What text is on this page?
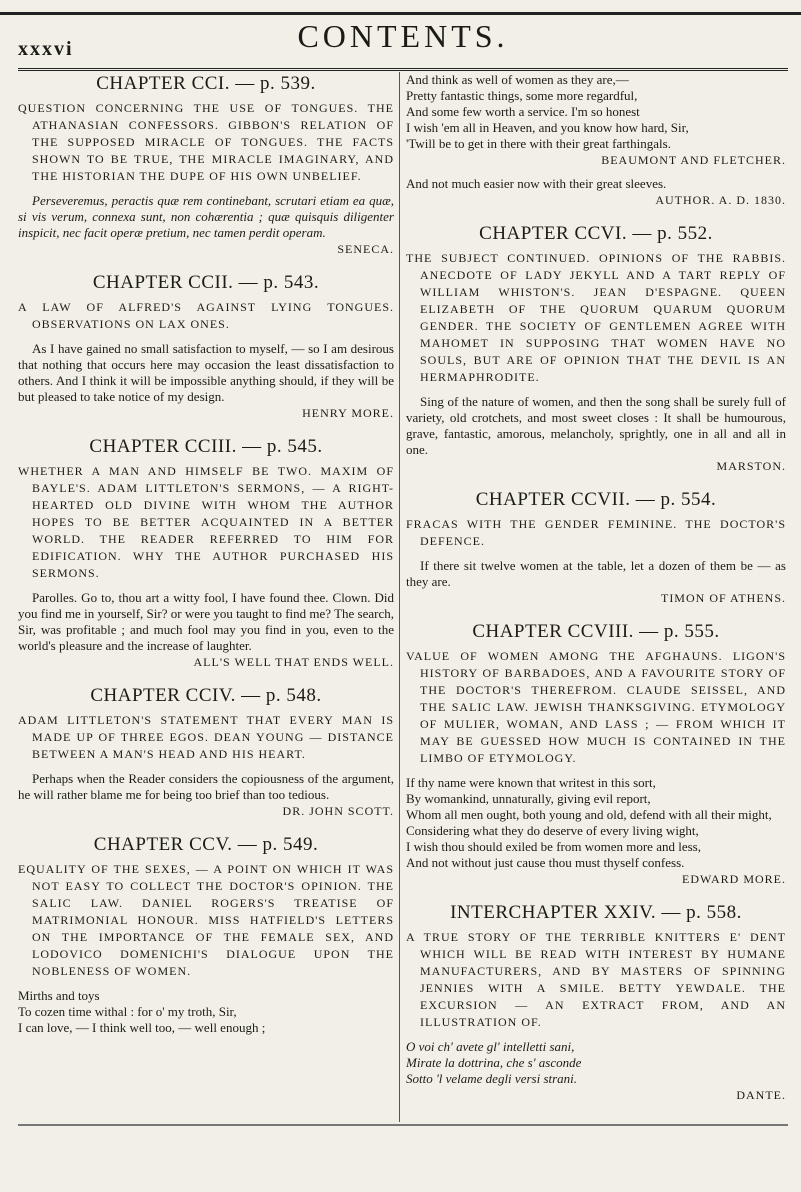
xxxvi	CONTENTS.
CHAPTER CCI. — p. 539.

QUESTION CONCERNING THE USE OF TONGUES. THE ATHANASIAN CONFESSORS. GIBBON'S RELATION OF THE SUPPOSED MIRACLE OF TONGUES. THE FACTS SHOWN TO BE TRUE, THE MIRACLE IMAGINARY, AND THE HISTORIAN THE DUPE OF HIS OWN UNBELIEF.

Perseveremus, peractis quæ rem continebant, scrutari etiam ea quæ, si vis verum, connexa sunt, non cohærentia ; quæ quisquis diligenter inspicit, nec facit operæ pretium, nec tamen perdit operam.

SENECA.

CHAPTER CCII. — p. 543.

A LAW OF ALFRED'S AGAINST LYING TONGUES. OBSERVATIONS ON LAX ONES.

As I have gained no small satisfaction to myself, — so I am desirous that nothing that occurs here may occasion the least dissatisfaction to others. And I think it will be impossible anything should, if they will be but pleased to take notice of my design.

HENRY MORE.

CHAPTER CCIII. — p. 545.

WHETHER A MAN AND HIMSELF BE TWO. MAXIM OF BAYLE'S. ADAM LITTLETON'S SERMONS, — A RIGHT-HEARTED OLD DIVINE WITH WHOM THE AUTHOR HOPES TO BE BETTER ACQUAINTED IN A BETTER WORLD. THE READER REFERRED TO HIM FOR EDIFICATION. WHY THE AUTHOR PURCHASED HIS SERMONS.

Parolles. Go to, thou art a witty fool, I have found thee. Clown. Did you find me in yourself, Sir? or were you taught to find me? The search, Sir, was profitable ; and much fool may you find in you, even to the world's pleasure and the increase of laughter.

ALL'S WELL THAT ENDS WELL.

CHAPTER CCIV. — p. 548.

ADAM LITTLETON'S STATEMENT THAT EVERY MAN IS MADE UP OF THREE EGOS. DEAN YOUNG — DISTANCE BETWEEN A MAN'S HEAD AND HIS HEART.

Perhaps when the Reader considers the copiousness of the argument, he will rather blame me for being too brief than too tedious.

DR. JOHN SCOTT.

CHAPTER CCV. — p. 549.

EQUALITY OF THE SEXES, — A POINT ON WHICH IT WAS NOT EASY TO COLLECT THE DOCTOR'S OPINION. THE SALIC LAW. DANIEL ROGERS'S TREATISE OF MATRIMONIAL HONOUR. MISS HATFIELD'S LETTERS ON THE IMPORTANCE OF THE FEMALE SEX, AND LODOVICO DOMENICHI'S DIALOGUE UPON THE NOBLENESS OF WOMEN.

Mirths and toys
To cozen time withal : for o' my troth, Sir,
I can love, — I think well too, — well enough ;

And think as well of women as they are,—
Pretty fantastic things, some more regardful,
And some few worth a service. I'm so honest
I wish 'em all in Heaven, and you know how hard, Sir,
'Twill be to get in there with their great farthingals.

BEAUMONT AND FLETCHER.

And not much easier now with their great sleeves.

AUTHOR. A. D. 1830.

CHAPTER CCVI. — p. 552.

THE SUBJECT CONTINUED. OPINIONS OF THE RABBIS. ANECDOTE OF LADY JEKYLL AND A TART REPLY OF WILLIAM WHISTON'S. JEAN D'ESPAGNE. QUEEN ELIZABETH OF THE QUORUM QUARUM QUORUM GENDER. THE SOCIETY OF GENTLEMEN AGREE WITH MAHOMET IN SUPPOSING THAT WOMEN HAVE NO SOULS, BUT ARE OF OPINION THAT THE DEVIL IS AN HERMAPHRODITE.

Sing of the nature of women, and then the song shall be surely full of variety, old crotchets, and most sweet closes : It shall be humourous, grave, fantastic, amorous, melancholy, sprightly, one in all and all in one.

MARSTON.

CHAPTER CCVII. — p. 554.

FRACAS WITH THE GENDER FEMININE. THE DOCTOR'S DEFENCE.

If there sit twelve women at the table, let a dozen of them be — as they are.

TIMON OF ATHENS.

CHAPTER CCVIII. — p. 555.

VALUE OF WOMEN AMONG THE AFGHAUNS. LIGON'S HISTORY OF BARBADOES, AND A FAVOURITE STORY OF THE DOCTOR'S THEREFROM. CLAUDE SEISSEL, AND THE SALIC LAW. JEWISH THANKSGIVING. ETYMOLOGY OF MULIER, WOMAN, AND LASS ; — FROM WHICH IT MAY BE GUESSED HOW MUCH IS CONTAINED IN THE LIMBO OF ETYMOLOGY.

If thy name were known that writest in this sort,
By womankind, unnaturally, giving evil report,
Whom all men ought, both young and old, defend with all their might,
Considering what they do deserve of every living wight,
I wish thou should exiled be from women more and less,
And not without just cause thou must thyself confess.

EDWARD MORE.

INTERCHAPTER XXIV. — p. 558.

A TRUE STORY OF THE TERRIBLE KNITTERS E' DENT WHICH WILL BE READ WITH INTEREST BY HUMANE MANUFACTURERS, AND BY MASTERS OF SPINNING JENNIES WITH A SMILE. BETTY YEWDALE. THE EXCURSION — AN EXTRACT FROM, AND AN ILLUSTRATION OF.

O voi ch' avete gl' intelletti sani,
Mirate la dottrina, che s' asconde
Sotto 'l velame degli versi strani.

DANTE.
